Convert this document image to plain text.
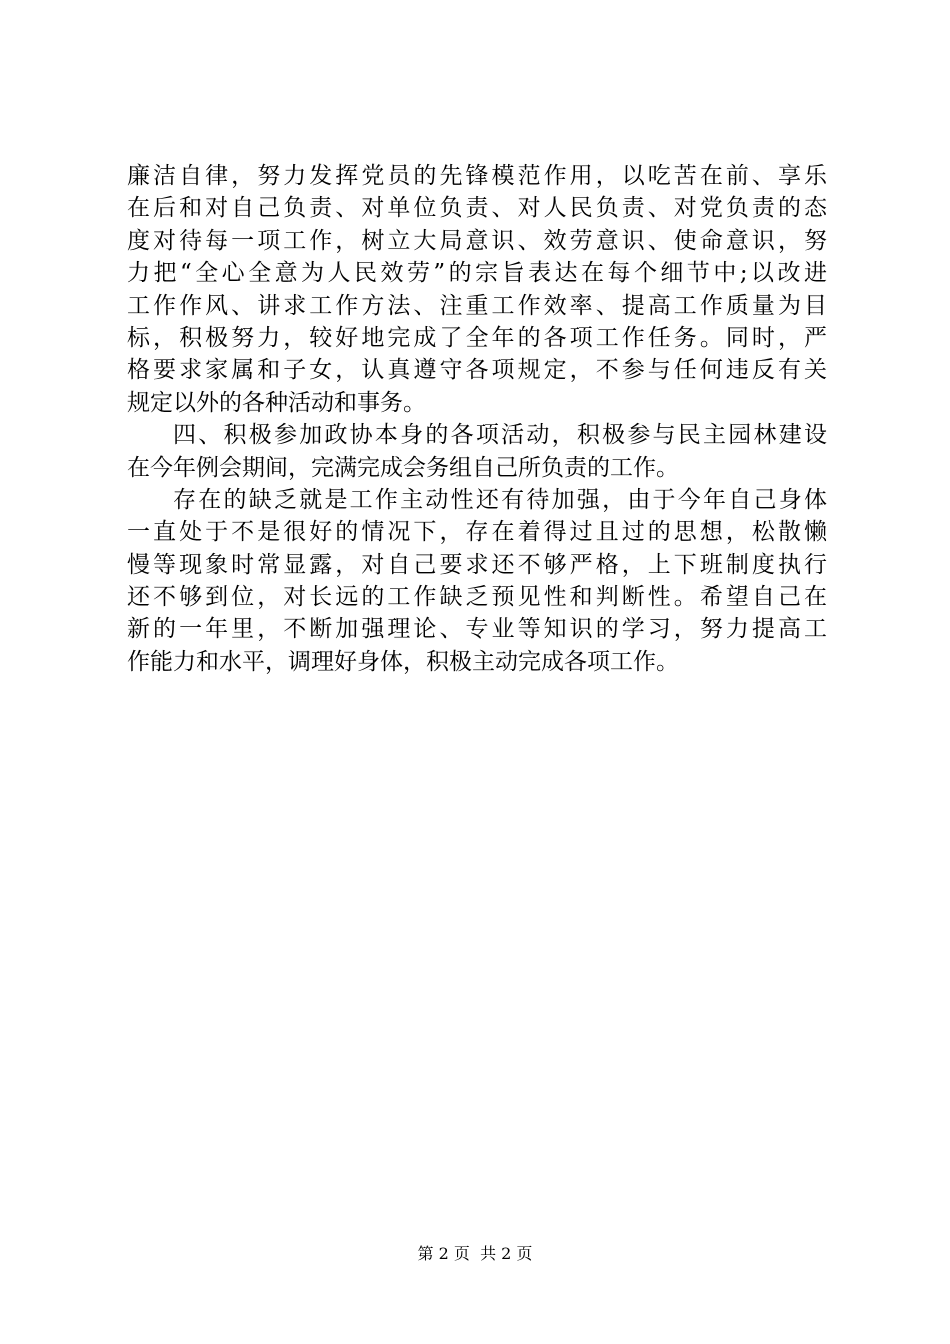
廉洁自律，努力发挥党员的先锋模范作用，以吃苦在前、享乐
在后和对自己负责、对单位负责、对人民负责、对党负责的态
度对待每一项工作，树立大局意识、效劳意识、使命意识，努
力把“全心全意为人民效劳”的宗旨表达在每个细节中;以改进
工作作风、讲求工作方法、注重工作效率、提高工作质量为目
标，积极努力，较好地完成了全年的各项工作任务。同时，严
格要求家属和子女，认真遵守各项规定，不参与任何违反有关
规定以外的各种活动和事务。
四、积极参加政协本身的各项活动，积极参与民主园林建设
在今年例会期间，完满完成会务组自己所负责的工作。
存在的缺乏就是工作主动性还有待加强，由于今年自己身体
一直处于不是很好的情况下，存在着得过且过的思想，松散懒
慢等现象时常显露，对自己要求还不够严格，上下班制度执行
还不够到位，对长远的工作缺乏预见性和判断性。希望自己在
新的一年里，不断加强理论、专业等知识的学习，努力提高工
作能力和水平，调理好身体，积极主动完成各项工作。
第 2 页  共 2 页
